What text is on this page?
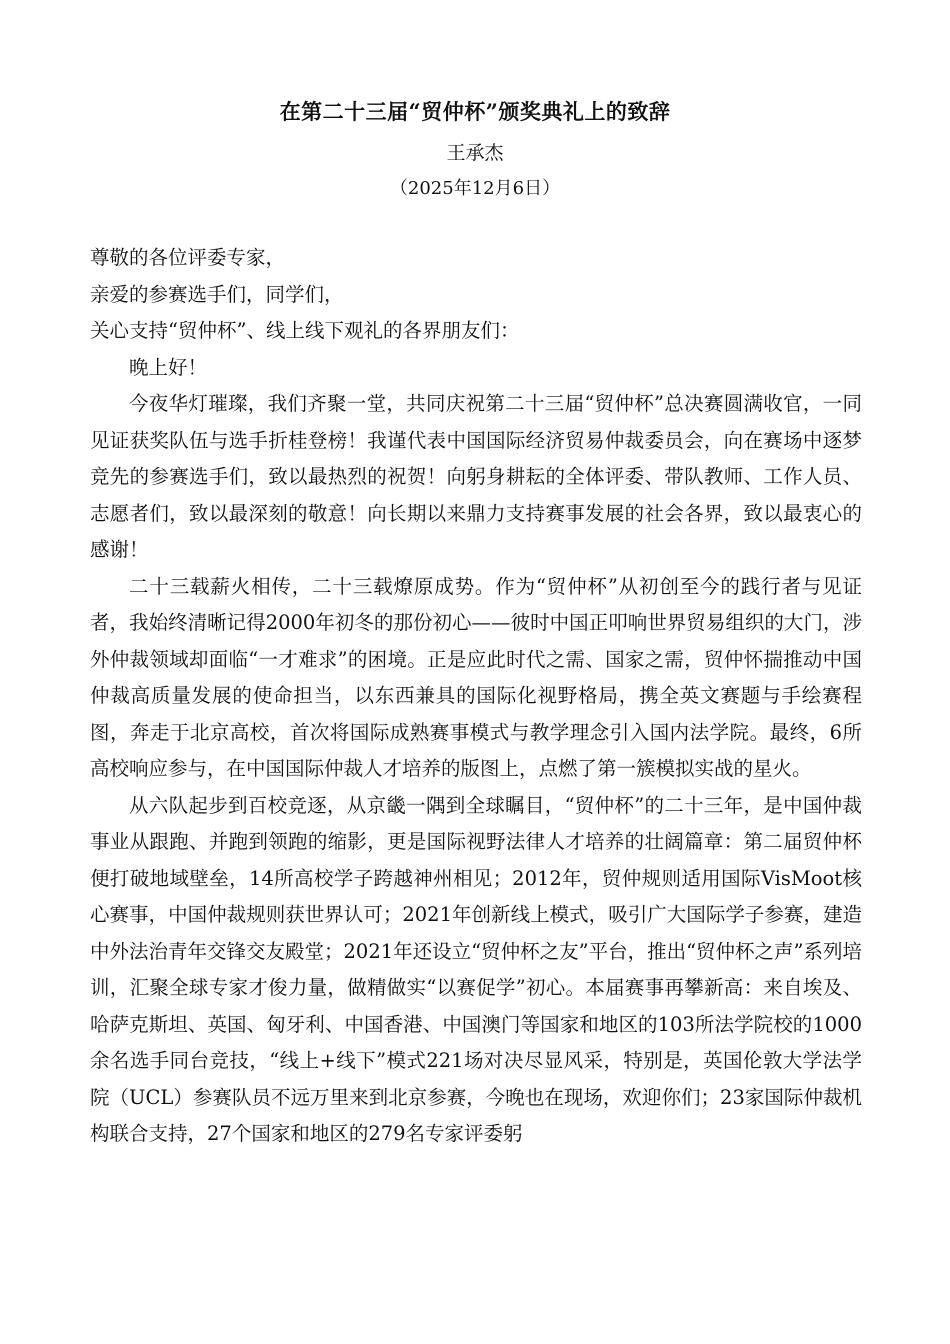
在第二十三届“贸仲杯”颁奖典礼上的致辞
王承杰
（2025年12月6日）

尊敬的各位评委专家，

亲爱的参赛选手们，同学们，

关心支持“贸仲杯”、线上线下观礼的各界朋友们：

晚上好！

今夜华灯璀璨，我们齐聚一堂，共同庆祝第二十三届“贸仲杯”总决赛圆满收官，一同见证获奖队伍与选手折桂登榜！我谨代表中国国际经济贸易仲裁委员会，向在赛场中逐梦竞先的参赛选手们，致以最热烈的祝贺！向躬身耕耘的全体评委、带队教师、工作人员、志愿者们，致以最深刻的敬意！向长期以来鼎力支持赛事发展的社会各界，致以最衷心的感谢！

二十三载薪火相传，二十三载燎原成势。作为“贸仲杯”从初创至今的践行者与见证者，我始终清晰记得2000年初冬的那份初心——彼时中国正叩响世界贸易组织的大门，涉外仲裁领域却面临“一才难求”的困境。正是应此时代之需、国家之需，贸仲怀揣推动中国仲裁高质量发展的使命担当，以东西兼具的国际化视野格局，携全英文赛题与手绘赛程图，奔走于北京高校，首次将国际成熟赛事模式与教学理念引入国内法学院。最终，6所高校响应参与，在中国国际仲裁人才培养的版图上，点燃了第一簇模拟实战的星火。

从六队起步到百校竞逐，从京畿一隅到全球瞩目，“贸仲杯”的二十三年，是中国仲裁事业从跟跑、并跑到领跑的缩影，更是国际视野法律人才培养的壮阔篇章：第二届贸仲杯便打破地域壁垒，14所高校学子跨越神州相见；2012年，贸仲规则适用国际VisMoot核心赛事，中国仲裁规则获世界认可；2021年创新线上模式，吸引广大国际学子参赛，建造中外法治青年交锋交友殿堂；2021年还设立“贸仲杯之友”平台，推出“贸仲杯之声”系列培训，汇聚全球专家才俊力量，做精做实“以赛促学”初心。本届赛事再攀新高：来自埃及、哈萨克斯坦、英国、匈牙利、中国香港、中国澳门等国家和地区的103所法学院校的1000余名选手同台竞技，“线上+线下”模式221场对决尽显风采，特别是，英国伦敦大学法学院（UCL）参赛队员不远万里来到北京参赛，今晚也在现场，欢迎你们；23家国际仲裁机构联合支持，27个国家和地区的279名专家评委躬
